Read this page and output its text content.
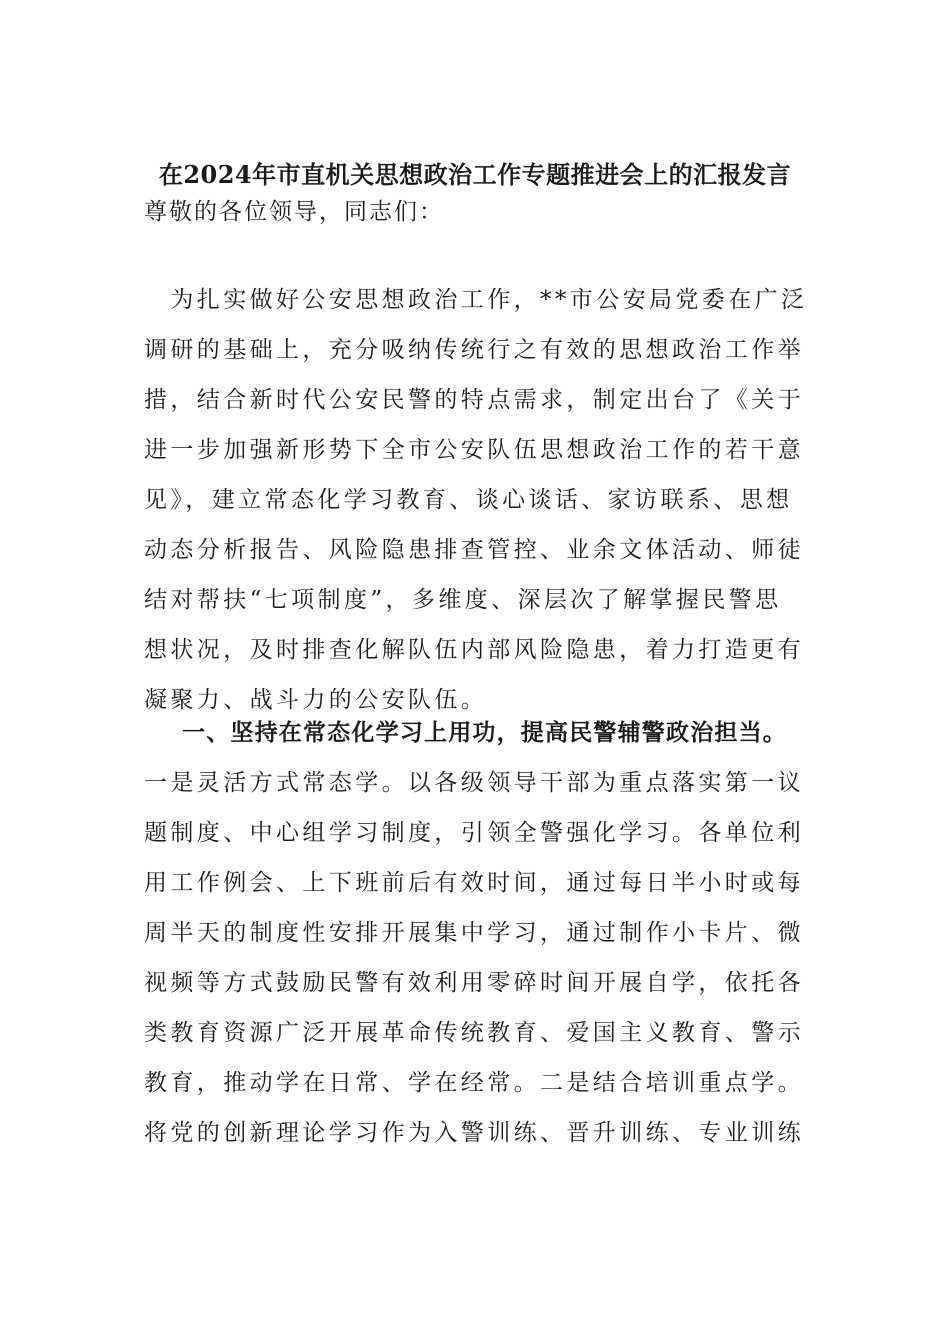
在2024年市直机关思想政治工作专题推进会上的汇报发言
尊敬的各位领导，同志们：
　为扎实做好公安思想政治工作，**市公安局党委在广泛
调研的基础上，充分吸纳传统行之有效的思想政治工作举
措，结合新时代公安民警的特点需求，制定出台了《关于
进一步加强新形势下全市公安队伍思想政治工作的若干意
见》，建立常态化学习教育、谈心谈话、家访联系、思想
动态分析报告、风险隐患排查管控、业余文体活动、师徒
结对帮扶“七项制度”，多维度、深层次了解掌握民警思
想状况，及时排查化解队伍内部风险隐患，着力打造更有
凝聚力、战斗力的公安队伍。
一、坚持在常态化学习上用功，提高民警辅警政治担当。
一是灵活方式常态学。以各级领导干部为重点落实第一议
题制度、中心组学习制度，引领全警强化学习。各单位利
用工作例会、上下班前后有效时间，通过每日半小时或每
周半天的制度性安排开展集中学习，通过制作小卡片、微
视频等方式鼓励民警有效利用零碎时间开展自学，依托各
类教育资源广泛开展革命传统教育、爱国主义教育、警示
教育，推动学在日常、学在经常。二是结合培训重点学。
将党的创新理论学习作为入警训练、晋升训练、专业训练
